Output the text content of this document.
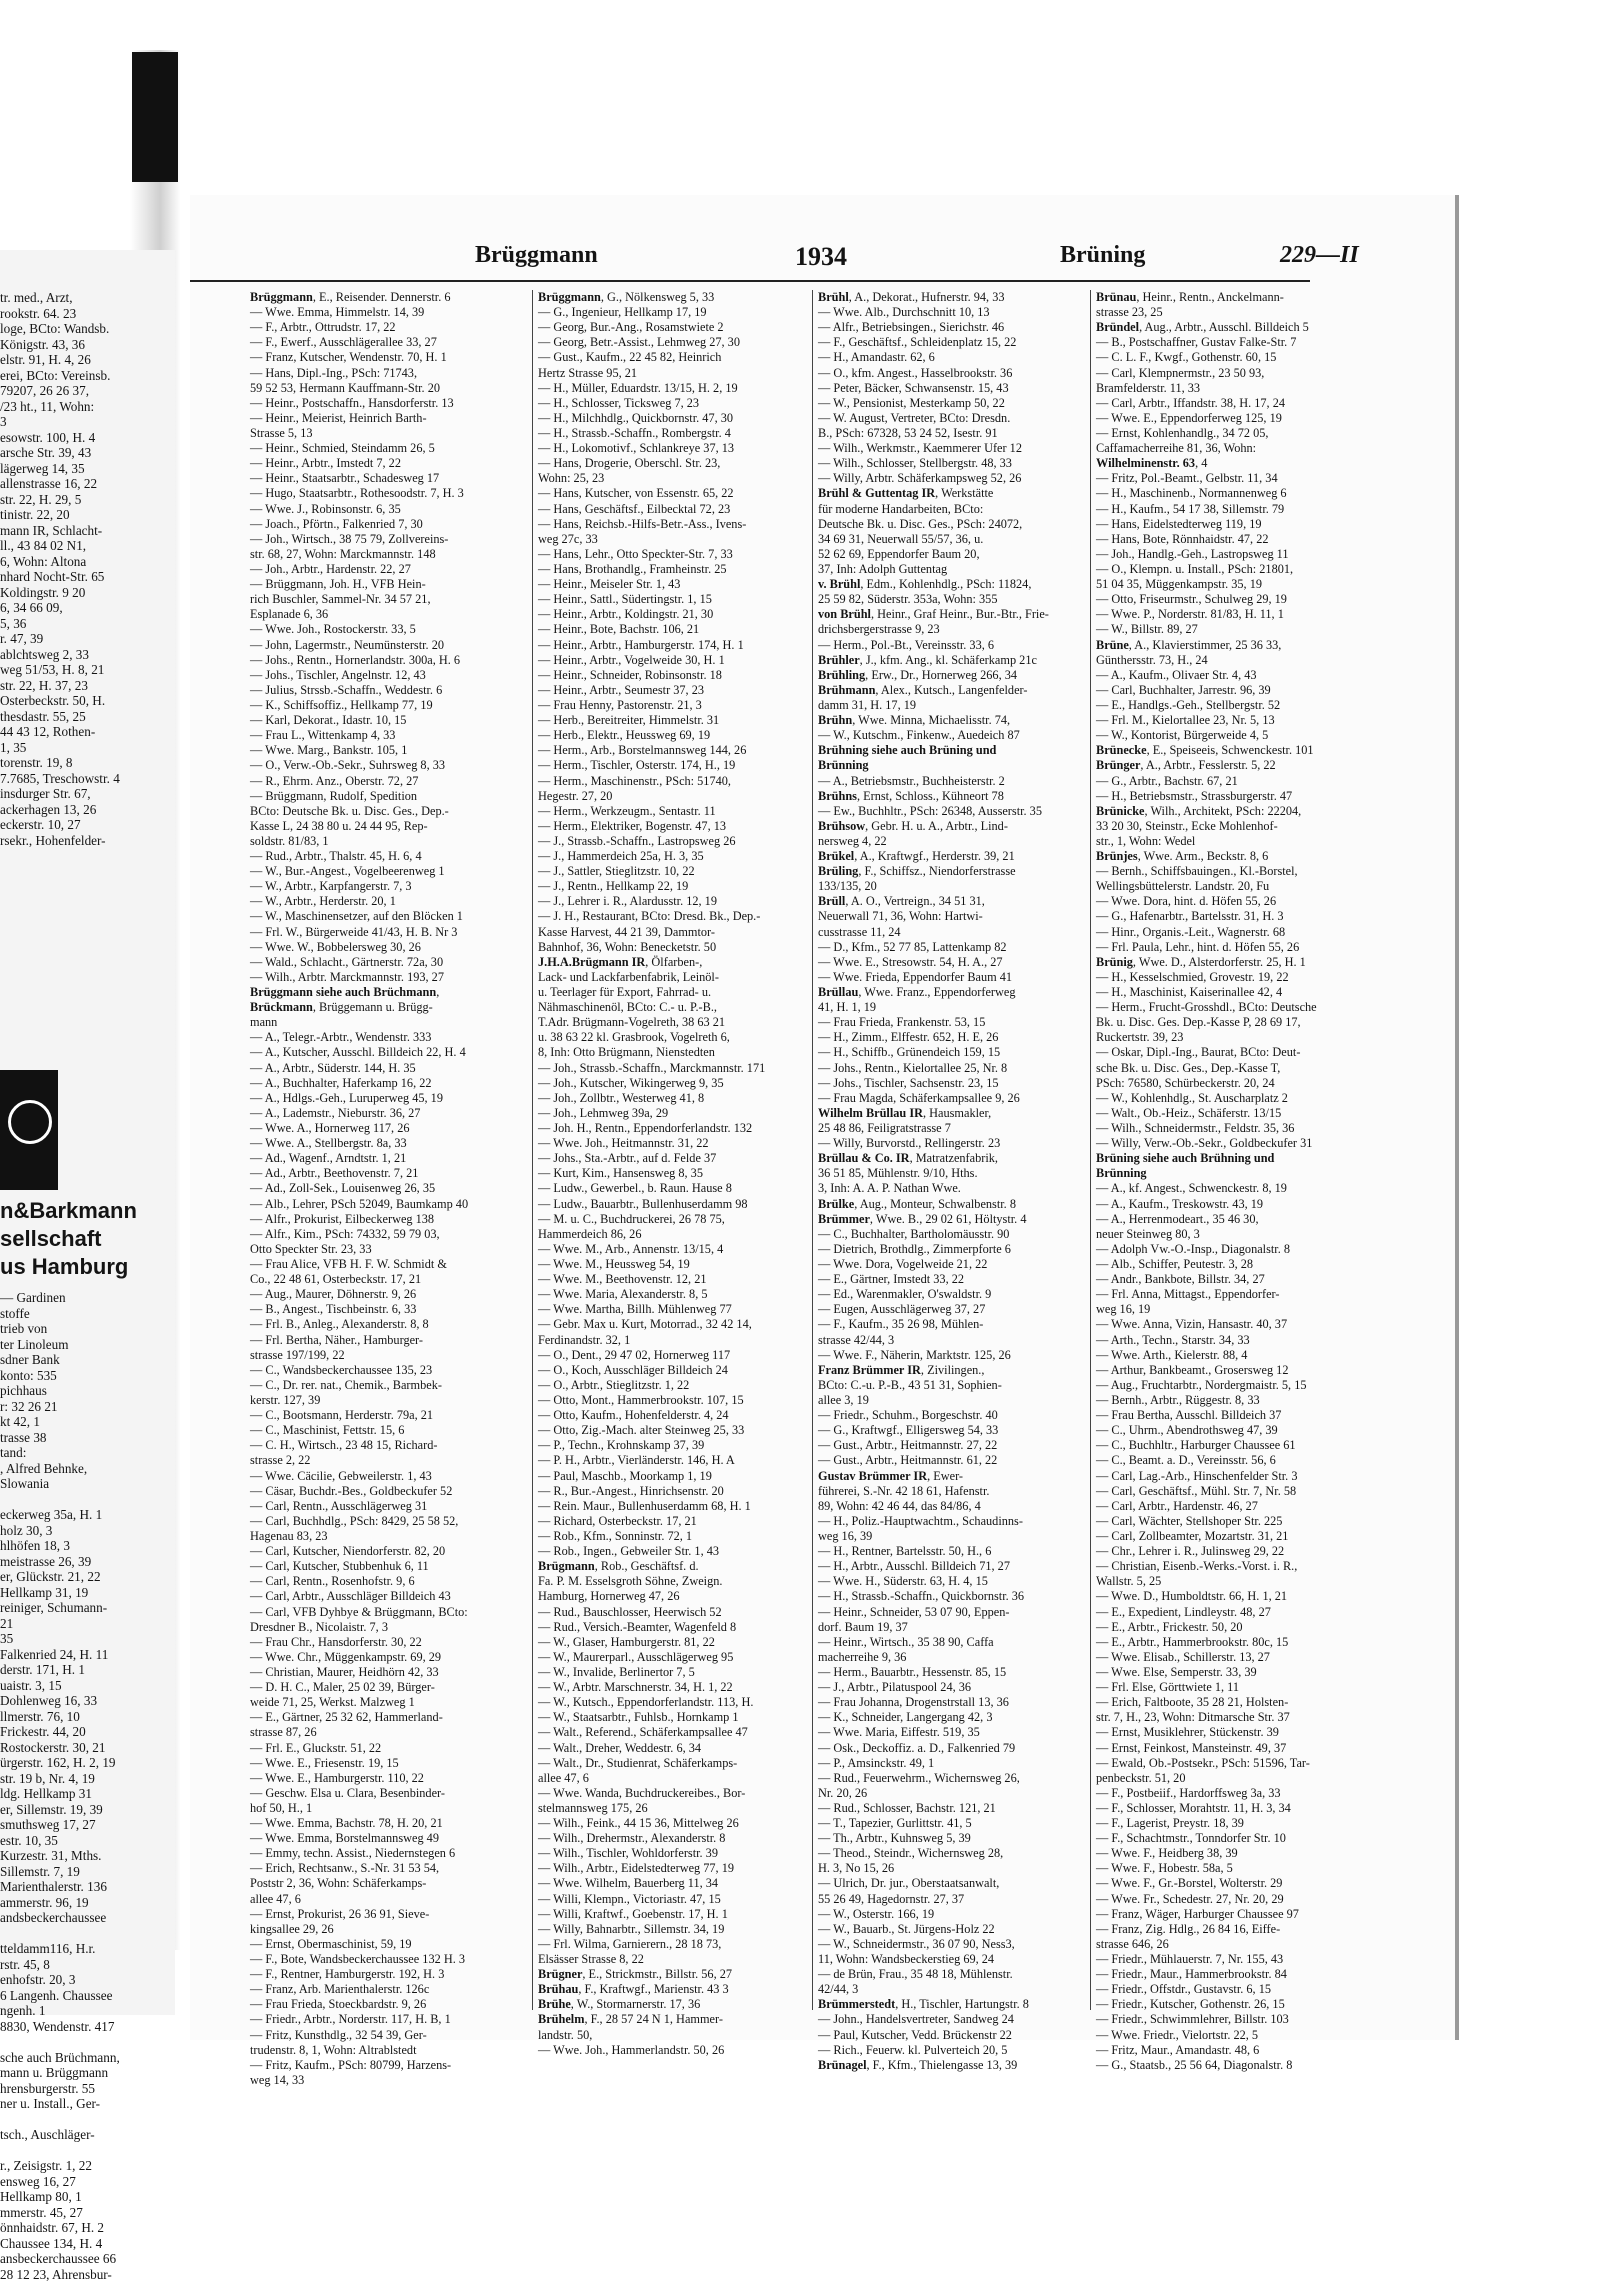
tr. med., Arzt,
rookstr. 64. 23
loge, BCto: Wandsb.
Königstr. 43, 36
elstr. 91, H. 4, 26
erei, BCto: Vereinsb.
79207, 26 26 37,
/23 ht., 11, Wohn:
3
esowstr. 100, H. 4
arsche Str. 39, 43
lägerweg 14, 35
allenstrasse 16, 22
str. 22, H. 29, 5
tinistr. 22, 20
mann IR, Schlacht-
ll., 43 84 02 N1,
6, Wohn: Altona
nhard Nocht-Str. 65
Koldingstr. 9 20
6, 34 66 09,
5, 36
r. 47, 39
ablchtsweg 2, 33
weg 51/53, H. 8, 21
str. 22, H. 37, 23
Osterbeckstr. 50, H.
thesdastr. 55, 25
44 43 12, Rothen-
1, 35
torenstr. 19, 8
7.7685, Treschowstr. 4
insdurger Str. 67,
ackerhagen 13, 26
eckerstr. 10, 27
rsekr., Hohenfelder-
n&Barkmann
sellschaft
us Hamburg
— Gardinen
stoffe
trieb von
ter Linoleum
sdner Bank
konto: 535
pichhaus
r: 32 26 21
kt 42, 1
trasse 38
tand:
, Alfred Behnke,
Slowania
eckerweg 35a, H. 1
holz 30, 3
hlhöfen 18, 3
meistrasse 26, 39
er, Glückstr. 21, 22
Hellkamp 31, 19
reiniger, Schumann-
21
35
Falkenried 24, H. 11
derstr. 171, H. 1
uaistr. 3, 15
Dohlenweg 16, 33
llmerstr. 76, 10
Frickestr. 44, 20
Rostockerstr. 30, 21
ürgerstr. 162, H. 2, 19
str. 19 b, Nr. 4, 19
ldg. Hellkamp 31
er, Sillemstr. 19, 39
smuthsweg 17, 27
estr. 10, 35
Kurzestr. 31, Mths.
Sillemstr. 7, 19
Marienthalerstr. 136
ammerstr. 96, 19
andsbeckerchaussee
tteldamm116, H.r.
rstr. 45, 8
enhofstr. 20, 3
6 Langenh. Chaussee
ngenh. 1
8830, Wendenstr. 417
sche auch Brüchmann,
mann u. Brüggmann
hrensburgerstr. 55
ner u. Install., Ger-
tsch., Auschläger-
r., Zeisigstr. 1, 22
ensweg 16, 27
Hellkamp 80, 1
mmerstr. 45, 27
önnhaidstr. 67, H. 2
Chaussee 134, H. 4
ansbeckerchaussee 66
28 12 23, Ahrensbur-
Brüggmann	1934	Brüning	229—II
Brüggmann, E., Reisender. Dennerstr. 6
— Wwe. Emma, Himmelstr. 14, 39
— F., Arbtr., Ottrudstr. 17, 22
— F., Ewerf., Ausschlägerallee 33, 27
— Franz, Kutscher, Wendenstr. 70, H. 1
— Hans, Dipl.-Ing., PSch: 71743,
59 52 53, Hermann Kauffmann-Str. 20
— Heinr., Postschaffn., Hansdorferstr. 13
— Heinr., Meierist, Heinrich Barth-
Strasse 5, 13
— Heinr., Schmied, Steindamm 26, 5
— Heinr., Arbtr., Imstedt 7, 22
— Heinr., Staatsarbtr., Schadesweg 17
— Hugo, Staatsarbtr., Rothesoodstr. 7, H. 3
— Wwe. J., Robinsonstr. 6, 35
— Joach., Pförtn., Falkenried 7, 30
— Joh., Wirtsch., 38 75 79, Zollvereins-
str. 68, 27, Wohn: Marckmannstr. 148
— Joh., Arbtr., Hardenstr. 22, 27
— Brüggmann, Joh. H., VFB Hein-
rich Buschler, Sammel-Nr. 34 57 21,
Esplanade 6, 36
— Wwe. Joh., Rostockerstr. 33, 5
— John, Lagermstr., Neumünsterstr. 20
— Johs., Rentn., Hornerlandstr. 300a, H. 6
— Johs., Tischler, Angelnstr. 12, 43
— Julius, Strssb.-Schaffn., Weddestr. 6
— K., Schiffsoffiz., Hellkamp 77, 19
— Karl, Dekorat., Idastr. 10, 15
— Frau L., Wittenkamp 4, 33
— Wwe. Marg., Bankstr. 105, 1
— O., Verw.-Ob.-Sekr., Suhrsweg 8, 33
— R., Ehrm. Anz., Oberstr. 72, 27
— Brüggmann, Rudolf, Spedition
BCto: Deutsche Bk. u. Disc. Ges., Dep.-
Kasse L, 24 38 80 u. 24 44 95, Rep-
soldstr. 81/83, 1
— Rud., Arbtr., Thalstr. 45, H. 6, 4
— W., Bur.-Angest., Vogelbeerenweg 1
— W., Arbtr., Karpfangerstr. 7, 3
— W., Arbtr., Herderstr. 20, 1
— W., Maschinensetzer, auf den Blöcken 1
— Frl. W., Bürgerweide 41/43, H. B. Nr 3
— Wwe. W., Bobbelersweg 30, 26
— Wald., Schlacht., Gärtnerstr. 72a, 30
— Wilh., Arbtr. Marckmannstr. 193, 27
Brüggmann siehe auch Brüchmann,
Brückmann, Brüggemann u. Brügg-
mann
— A., Telegr.-Arbtr., Wendenstr. 333
— A., Kutscher, Ausschl. Billdeich 22, H. 4
— A., Arbtr., Süderstr. 144, H. 35
— A., Buchhalter, Haferkamp 16, 22
— A., Hdlgs.-Geh., Luruperweg 45, 19
— A., Lademstr., Nieburstr. 36, 27
— Wwe. A., Hornerweg 117, 26
— Wwe. A., Stellbergstr. 8a, 33
— Ad., Wagenf., Arndtstr. 1, 21
— Ad., Arbtr., Beethovenstr. 7, 21
— Ad., Zoll-Sek., Louisenweg 26, 35
— Alb., Lehrer, PSch 52049, Baumkamp 40
— Alfr., Prokurist, Eilbeckerweg 138
— Alfr., Kim., PSch: 74332, 59 79 03,
Otto Speckter Str. 23, 33
— Frau Alice, VFB H. F. W. Schmidt &
Co., 22 48 61, Osterbeckstr. 17, 21
— Aug., Maurer, Döhnerstr. 9, 26
— B., Angest., Tischbeinstr. 6, 33
— Frl. B., Anleg., Alexanderstr. 8, 8
— Frl. Bertha, Näher., Hamburger-
strasse 197/199, 22
— C., Wandsbeckerchaussee 135, 23
— C., Dr. rer. nat., Chemik., Barmbek-
kerstr. 127, 39
— C., Bootsmann, Herderstr. 79a, 21
— C., Maschinist, Fettstr. 15, 6
— C. H., Wirtsch., 23 48 15, Richard-
strasse 2, 22
— Wwe. Cäcilie, Gebweilerstr. 1, 43
— Cäsar, Buchdr.-Bes., Goldbeckufer 52
— Carl, Rentn., Ausschlägerweg 31
— Carl, Buchhdlg., PSch: 8429, 25 58 52,
Hagenau 83, 23
— Carl, Kutscher, Niendorferstr. 82, 20
— Carl, Kutscher, Stubbenhuk 6, 11
— Carl, Rentn., Rosenhofstr. 9, 6
— Carl, Arbtr., Ausschläger Billdeich 43
— Carl, VFB Dyhbye & Brüggmann, BCto:
Dresdner B., Nicolaistr. 7, 3
— Frau Chr., Hansdorferstr. 30, 22
— Wwe. Chr., Müggenkampstr. 69, 29
— Christian, Maurer, Heidhörn 42, 33
— D. H. C., Maler, 25 02 39, Bürger-
weide 71, 25, Werkst. Malzweg 1
— E., Gärtner, 25 32 62, Hammerland-
strasse 87, 26
— Frl. E., Gluckstr. 51, 22
— Wwe. E., Friesenstr. 19, 15
— Wwe. E., Hamburgerstr. 110, 22
— Geschw. Elsa u. Clara, Besenbinder-
hof 50, H., 1
— Wwe. Emma, Bachstr. 78, H. 20, 21
— Wwe. Emma, Borstelmannsweg 49
— Emmy, techn. Assist., Niedernstegen 6
— Erich, Rechtsanw., S.-Nr. 31 53 54,
Poststr 2, 36, Wohn: Schäferkamps-
allee 47, 6
— Ernst, Prokurist, 26 36 91, Sieve-
kingsallee 29, 26
— Ernst, Obermaschinist, 59, 19
— F., Bote, Wandsbeckerchaussee 132 H. 3
— F., Rentner, Hamburgerstr. 192, H. 3
— Franz, Arb. Marienthalerstr. 126c
— Frau Frieda, Stoeckbardstr. 9, 26
— Friedr., Arbtr., Norderstr. 117, H. B, 1
— Fritz, Kunsthdlg., 32 54 39, Ger-
trudenstr. 8, 1, Wohn: Altrablstedt
— Fritz, Kaufm., PSch: 80799, Harzens-
weg 14, 33
Brüggmann, G., Nölkensweg 5, 33
— G., Ingenieur, Hellkamp 17, 19
— Georg, Bur.-Ang., Rosamstwiete 2
— Georg, Betr.-Assist., Lehmweg 27, 30
— Gust., Kaufm., 22 45 82, Heinrich
Hertz Strasse 95, 21
— H., Müller, Eduardstr. 13/15, H. 2, 19
— H., Schlosser, Ticksweg 7, 23
— H., Milchhdlg., Quickbornstr. 47, 30
— H., Strassb.-Schaffn., Rombergstr. 4
— H., Lokomotivf., Schlankreye 37, 13
— Hans, Drogerie, Oberschl. Str. 23,
Wohn: 25, 23
— Hans, Kutscher, von Essenstr. 65, 22
— Hans, Geschäftsf., Eilbecktal 72, 23
— Hans, Reichsb.-Hilfs-Betr.-Ass., Ivens-
weg 27c, 33
— Hans, Lehr., Otto Speckter-Str. 7, 33
— Hans, Brothandlg., Framheinstr. 25
— Heinr., Meiseler Str. 1, 43
— Heinr., Sattl., Südertingstr. 1, 15
— Heinr., Arbtr., Koldingstr. 21, 30
— Heinr., Bote, Bachstr. 106, 21
— Heinr., Arbtr., Hamburgerstr. 174, H. 1
— Heinr., Arbtr., Vogelweide 30, H. 1
— Heinr., Schneider, Robinsonstr. 18
— Heinr., Arbtr., Seumestr 37, 23
— Frau Henny, Pastorenstr. 21, 3
— Herb., Bereitreiter, Himmelstr. 31
— Herb., Elektr., Heussweg 69, 19
— Herm., Arb., Borstelmannsweg 144, 26
— Herm., Tischler, Osterstr. 174, H., 19
— Herm., Maschinenstr., PSch: 51740,
Hegestr. 27, 20
— Herm., Werkzeugm., Sentastr. 11
— Herm., Elektriker, Bogenstr. 47, 13
— J., Strassb.-Schaffn., Lastropsweg 26
— J., Hammerdeich 25a, H. 3, 35
— J., Sattler, Stieglitzstr. 10, 22
— J., Rentn., Hellkamp 22, 19
— J., Lehrer i. R., Alardusstr. 12, 19
— J. H., Restaurant, BCto: Dresd. Bk., Dep.-
Kasse Harvest, 44 21 39, Dammtor-
Bahnhof, 36, Wohn: Benecketstr. 50
J.H.A.Brügmann IR, Ölfarben-,
Lack- und Lackfarbenfabrik, Leinöl-
u. Teerlager für Export, Fahrrad- u.
Nähmaschinenöl, BCto: C.- u. P.-B.,
T.Adr. Brügmann-Vogelreth, 38 63 21
u. 38 63 22 kl. Grasbrook, Vogelreth 6,
8, Inh: Otto Brügmann, Nienstedten
— Joh., Strassb.-Schaffn., Marckmannstr. 171
— Joh., Kutscher, Wikingerweg 9, 35
— Joh., Zollbtr., Westerweg 41, 8
— Joh., Lehmweg 39a, 29
— Joh. H., Rentn., Eppendorferlandstr. 132
— Wwe. Joh., Heitmannstr. 31, 22
— Johs., Sta.-Arbtr., auf d. Felde 37
— Kurt, Kim., Hansensweg 8, 35
— Ludw., Gewerbel., b. Raun. Hause 8
— Ludw., Bauarbtr., Bullenhuserdamm 98
— M. u. C., Buchdruckerei, 26 78 75,
Hammerdeich 86, 26
— Wwe. M., Arb., Annenstr. 13/15, 4
— Wwe. M., Heussweg 54, 19
— Wwe. M., Beethovenstr. 12, 21
— Wwe. Maria, Alexanderstr. 8, 5
— Wwe. Martha, Billh. Mühlenweg 77
— Gebr. Max u. Kurt, Motorrad., 32 42 14,
Ferdinandstr. 32, 1
— O., Dent., 29 47 02, Hornerweg 117
— O., Koch, Ausschläger Billdeich 24
— O., Arbtr., Stieglitzstr. 1, 22
— Otto, Mont., Hammerbrookstr. 107, 15
— Otto, Kaufm., Hohenfelderstr. 4, 24
— Otto, Zig.-Mach. alter Steinweg 25, 33
— P., Techn., Krohnskamp 37, 39
— P. H., Arbtr., Vierländerstr. 146, H. A
— Paul, Maschb., Moorkamp 1, 19
— R., Bur.-Angest., Hinrichsenstr. 20
— Rein. Maur., Bullenhuserdamm 68, H. 1
— Richard, Osterbeckstr. 17, 21
— Rob., Kfm., Sonninstr. 72, 1
— Rob., Ingen., Gebweiler Str. 1, 43
Brügmann, Rob., Geschäftsf. d.
Fa. P. M. Esselsgroth Söhne, Zweign.
Hamburg, Hornerweg 47, 26
— Rud., Bauschlosser, Heerwisch 52
— Rud., Versich.-Beamter, Wagenfeld 8
— W., Glaser, Hamburgerstr. 81, 22
— W., Maurerparl., Ausschlägerweg 95
— W., Invalide, Berlinertor 7, 5
— W., Arbtr. Marschnerstr. 34, H. 1, 22
— W., Kutsch., Eppendorferlandstr. 113, H.
— W., Staatsarbtr., Fuhlsb., Hornkamp 1
— Walt., Referend., Schäferkampsallee 47
— Walt., Dreher, Weddestr. 6, 34
— Walt., Dr., Studienrat, Schäferkamps-
allee 47, 6
— Wwe. Wanda, Buchdruckereibes., Bor-
stelmannsweg 175, 26
— Wilh., Feink., 44 15 36, Mittelweg 26
— Wilh., Drehermstr., Alexanderstr. 8
— Wilh., Tischler, Wohldorferstr. 39
— Wilh., Arbtr., Eidelstedterweg 77, 19
— Wwe. Wilhelm, Bauerberg 11, 34
— Willi, Klempn., Victoriastr. 47, 15
— Willi, Kraftwf., Goebenstr. 17, H. 1
— Willy, Bahnarbtr., Sillemstr. 34, 19
— Frl. Wilma, Garnierern., 28 18 73,
Elsässer Strasse 8, 22
Brügner, E., Strickmstr., Billstr. 56, 27
Brühau, F., Kraftwgf., Marienstr. 43 3
Brühe, W., Stormarnerstr. 17, 36
Brühelm, F., 28 57 24 N 1, Hammer-
landstr. 50,
— Wwe. Joh., Hammerlandstr. 50, 26
Brühl, A., Dekorat., Hufnerstr. 94, 33
— Wwe. Alb., Durchschnitt 10, 13
— Alfr., Betriebsingen., Sierichstr. 46
— F., Geschäftsf., Schleidenplatz 15, 22
— H., Amandastr. 62, 6
— O., kfm. Angest., Hasselbrookstr. 36
— Peter, Bäcker, Schwansenstr. 15, 43
— W., Pensionist, Mesterkamp 50, 22
— W. August, Vertreter, BCto: Dresdn.
B., PSch: 67328, 53 24 52, Isestr. 91
— Wilh., Werkmstr., Kaemmerer Ufer 12
— Wilh., Schlosser, Stellbergstr. 48, 33
— Willy, Arbtr. Schäferkampsweg 52, 26
Brühl & Guttentag IR, Werkstätte
für moderne Handarbeiten, BCto:
Deutsche Bk. u. Disc. Ges., PSch: 24072,
34 69 31, Neuerwall 55/57, 36, u.
52 62 69, Eppendorfer Baum 20,
37, Inh: Adolph Guttentag
v. Brühl, Edm., Kohlenhdlg., PSch: 11824,
25 59 82, Süderstr. 353a, Wohn: 355
von Brühl, Heinr., Graf Heinr., Bur.-Btr., Frie-
drichsbergerstrasse 9, 23
— Herm., Pol.-Bt., Vereinsstr. 33, 6
Brühler, J., kfm. Ang., kl. Schäferkamp 21c
Brühling, Erw., Dr., Hornerweg 266, 34
Brühmann, Alex., Kutsch., Langenfelder-
damm 31, H. 17, 19
Brühn, Wwe. Minna, Michaelisstr. 74,
— W., Kutschm., Finkenw., Auedeich 87
Brühning siehe auch Brüning und
Brünning
— A., Betriebsmstr., Buchheisterstr. 2
Brühns, Ernst, Schloss., Kühneort 78
— Ew., Buchhltr., PSch: 26348, Ausserstr. 35
Brühsow, Gebr. H. u. A., Arbtr., Lind-
nersweg 4, 22
Brükel, A., Kraftwgf., Herderstr. 39, 21
Brüling, F., Schiffsz., Niendorferstrasse
133/135, 20
Brüll, A. O., Vertreign., 34 51 31,
Neuerwall 71, 36, Wohn: Hartwi-
cusstrasse 11, 24
— D., Kfm., 52 77 85, Lattenkamp 82
— Wwe. E., Stresowstr. 54, H. A., 27
— Wwe. Frieda, Eppendorfer Baum 41
Brüllau, Wwe. Franz., Eppendorferweg
41, H. 1, 19
— Frau Frieda, Frankenstr. 53, 15
— H., Zimm., Elffestr. 652, H. E, 26
— H., Schiffb., Grünendeich 159, 15
— Johs., Rentn., Kielortallee 25, Nr. 8
— Johs., Tischler, Sachsenstr. 23, 15
— Frau Magda, Schäferkampsallee 9, 26
Wilhelm Brüllau IR, Hausmakler,
25 48 86, Feiligratstrasse 7
— Willy, Burvorstd., Rellingerstr. 23
Brüllau & Co. IR, Matratzenfabrik,
36 51 85, Mühlenstr. 9/10, Hths.
3, Inh: A. A. P. Nathan Wwe.
Brülke, Aug., Monteur, Schwalbenstr. 8
Brümmer, Wwe. B., 29 02 61, Höltystr. 4
— C., Buchhalter, Bartholomäusstr. 90
— Dietrich, Brothdlg., Zimmerpforte 6
— Wwe. Dora, Vogelweide 21, 22
— E., Gärtner, Imstedt 33, 22
— Ed., Warenmakler, O'swaldstr. 9
— Eugen, Ausschlägerweg 37, 27
— F., Kaufm., 35 26 98, Mühlen-
strasse 42/44, 3
— Wwe. F., Näherin, Marktstr. 125, 26
Franz Brümmer IR, Zivilingen.,
BCto: C.-u. P.-B., 43 51 31, Sophien-
allee 3, 19
— Friedr., Schuhm., Borgeschstr. 40
— G., Kraftwgf., Elligersweg 54, 33
— Gust., Arbtr., Heitmannstr. 27, 22
— Gust., Arbtr., Heitmannstr. 61, 22
Gustav Brümmer IR, Ewer-
führerei, S.-Nr. 42 18 61, Hafenstr.
89, Wohn: 42 46 44, das 84/86, 4
— H., Poliz.-Hauptwachtm., Schaudinns-
weg 16, 39
— H., Rentner, Bartelsstr. 50, H., 6
— H., Arbtr., Ausschl. Billdeich 71, 27
— Wwe. H., Süderstr. 63, H. 4, 15
— H., Strassb.-Schaffn., Quickbornstr. 36
— Heinr., Schneider, 53 07 90, Eppen-
dorf. Baum 19, 37
— Heinr., Wirtsch., 35 38 90, Caffa
macherreihe 9, 36
— Herm., Bauarbtr., Hessenstr. 85, 15
— J., Arbtr., Pilatuspool 24, 36
— Frau Johanna, Drogenstrstall 13, 36
— K., Schneider, Langergang 42, 3
— Wwe. Maria, Eiffestr. 519, 35
— Osk., Deckoffiz. a. D., Falkenried 79
— P., Amsinckstr. 49, 1
— Rud., Feuerwehrm., Wichernsweg 26,
Nr. 20, 26
— Rud., Schlosser, Bachstr. 121, 21
— T., Tapezier, Gurlittstr. 41, 5
— Th., Arbtr., Kuhnsweg 5, 39
— Theod., Steindr., Wichernsweg 28,
H. 3, No 15, 26
— Ulrich, Dr. jur., Oberstaatsanwalt,
55 26 49, Hagedornstr. 27, 37
— W., Osterstr. 166, 19
— W., Bauarb., St. Jürgens-Holz 22
— W., Schneidermstr., 36 07 90, Ness3,
11, Wohn: Wandsbeckerstieg 69, 24
— de Brün, Frau., 35 48 18, Mühlenstr.
42/44, 3
Brümmerstedt, H., Tischler, Hartungstr. 8
— John., Handelsvertreter, Sandweg 24
— Paul, Kutscher, Vedd. Brückenstr 22
— Rich., Feuerw. kl. Pulverteich 20, 5
Brünagel, F., Kfm., Thielengasse 13, 39
Brünau, Heinr., Rentn., Anckelmann-
strasse 23, 25
Bründel, Aug., Arbtr., Ausschl. Billdeich 5
— B., Postschaffner, Gustav Falke-Str. 7
— C. L. F., Kwgf., Gothenstr. 60, 15
— Carl, Klempnermstr., 23 50 93,
Bramfelderstr. 11, 33
— Carl, Arbtr., Iffandstr. 38, H. 17, 24
— Wwe. E., Eppendorferweg 125, 19
— Ernst, Kohlenhandlg., 34 72 05,
Caffamacherreihe 81, 36, Wohn:
Wilhelminenstr. 63, 4
— Fritz, Pol.-Beamt., Gelbstr. 11, 34
— H., Maschinenb., Normannenweg 6
— H., Kaufm., 54 17 38, Sillemstr. 79
— Hans, Eidelstedterweg 119, 19
— Hans, Bote, Rönnhaidstr. 47, 22
— Joh., Handlg.-Geh., Lastropsweg 11
— O., Klempn. u. Install., PSch: 21801,
51 04 35, Müggenkampstr. 35, 19
— Otto, Friseurmstr., Schulweg 29, 19
— Wwe. P., Norderstr. 81/83, H. 11, 1
— W., Billstr. 89, 27
Brüne, A., Klavierstimmer, 25 36 33,
Günthersstr. 73, H., 24
— A., Kaufm., Olivaer Str. 4, 43
— Carl, Buchhalter, Jarrestr. 96, 39
— E., Handlgs.-Geh., Stellbergstr. 52
— Frl. M., Kielortallee 23, Nr. 5, 13
— W., Kontorist, Bürgerweide 4, 5
Brünecke, E., Speiseeis, Schwenckestr. 101
Brünger, A., Arbtr., Fesslerstr. 5, 22
— G., Arbtr., Bachstr. 67, 21
— H., Betriebsmstr., Strassburgerstr. 47
Brünicke, Wilh., Architekt, PSch: 22204,
33 20 30, Steinstr., Ecke Mohlenhof-
str., 1, Wohn: Wedel
Brünjes, Wwe. Arm., Beckstr. 8, 6
— Bernh., Schiffsbauingen., Kl.-Borstel,
Wellingsbüttelerstr. Landstr. 20, Fu
— Wwe. Dora, hint. d. Höfen 55, 26
— G., Hafenarbtr., Bartelsstr. 31, H. 3
— Hinr., Organis.-Leit., Wagnerstr. 68
— Frl. Paula, Lehr., hint. d. Höfen 55, 26
Brünig, Wwe. D., Alsterdorferstr. 25, H. 1
— H., Kesselschmied, Grovestr. 19, 22
— H., Maschinist, Kaiserinallee 42, 4
— Herm., Frucht-Grosshdl., BCto: Deutsche
Bk. u. Disc. Ges. Dep.-Kasse P, 28 69 17,
Ruckertstr. 39, 23
— Oskar, Dipl.-Ing., Baurat, BCto: Deut-
sche Bk. u. Disc. Ges., Dep.-Kasse T,
PSch: 76580, Schürbeckerstr. 20, 24
— W., Kohlenhdlg., St. Auscharplatz 2
— Walt., Ob.-Heiz., Schäferstr. 13/15
— Wilh., Schneidermstr., Feldstr. 35, 36
— Willy, Verw.-Ob.-Sekr., Goldbeckufer 31
Brüning siehe auch Brühning und
Brünning
— A., kf. Angest., Schwenckestr. 8, 19
— A., Kaufm., Treskowstr. 43, 19
— A., Herrenmodeart., 35 46 30,
neuer Steinweg 80, 3
— Adolph Vw.-O.-Insp., Diagonalstr. 8
— Alb., Schiffer, Peutestr. 3, 28
— Andr., Bankbote, Billstr. 34, 27
— Frl. Anna, Mittagst., Eppendorfer-
weg 16, 19
— Wwe. Anna, Vizin, Hansastr. 40, 37
— Arth., Techn., Starstr. 34, 33
— Wwe. Arth., Kielerstr. 88, 4
— Arthur, Bankbeamt., Grosersweg 12
— Aug., Fruchtarbtr., Nordergmaistr. 5, 15
— Bernh., Arbtr., Rüggestr. 8, 33
— Frau Bertha, Ausschl. Billdeich 37
— C., Uhrm., Abendrothsweg 47, 39
— C., Buchhltr., Harburger Chaussee 61
— C., Beamt. a. D., Vereinsstr. 56, 6
— Carl, Lag.-Arb., Hinschenfelder Str. 3
— Carl, Geschäftsf., Mühl. Str. 7, Nr. 58
— Carl, Arbtr., Hardenstr. 46, 27
— Carl, Wächter, Stellshoper Str. 225
— Carl, Zollbeamter, Mozartstr. 31, 21
— Chr., Lehrer i. R., Julinsweg 29, 22
— Christian, Eisenb.-Werks.-Vorst. i. R.,
Wallstr. 5, 25
— Wwe. D., Humboldtstr. 66, H. 1, 21
— E., Expedient, Lindleystr. 48, 27
— E., Arbtr., Frickestr. 50, 20
— E., Arbtr., Hammerbrookstr. 80c, 15
— Wwe. Elisab., Schillerstr. 13, 27
— Wwe. Else, Semperstr. 33, 39
— Frl. Else, Görttwiete 1, 11
— Erich, Faltboote, 35 28 21, Holsten-
str. 7, H., 23, Wohn: Ditmarsche Str. 37
— Ernst, Musiklehrer, Stückenstr. 39
— Ernst, Feinkost, Mansteinstr. 49, 37
— Ewald, Ob.-Postsekr., PSch: 51596, Tar-
penbeckstr. 51, 20
— F., Postbeiif., Hardorffsweg 3a, 33
— F., Schlosser, Morahtstr. 11, H. 3, 34
— F., Lagerist, Preystr. 18, 39
— F., Schachtmstr., Tonndorfer Str. 10
— Wwe. F., Heidberg 38, 39
— Wwe. F., Hobestr. 58a, 5
— Wwe. F., Gr.-Borstel, Wolterstr. 29
— Wwe. Fr., Schedestr. 27, Nr. 20, 29
— Franz, Wäger, Harburger Chaussee 97
— Franz, Zig. Hdlg., 26 84 16, Eiffe-
strasse 646, 26
— Friedr., Mühlauerstr. 7, Nr. 155, 43
— Friedr., Maur., Hammerbrookstr. 84
— Friedr., Offstdr., Gustavstr. 6, 15
— Friedr., Kutscher, Gothenstr. 26, 15
— Friedr., Schwimmlehrer, Billstr. 103
— Wwe. Friedr., Vielortstr. 22, 5
— Fritz, Maur., Amandastr. 48, 6
— G., Staatsb., 25 56 64, Diagonalstr. 8
